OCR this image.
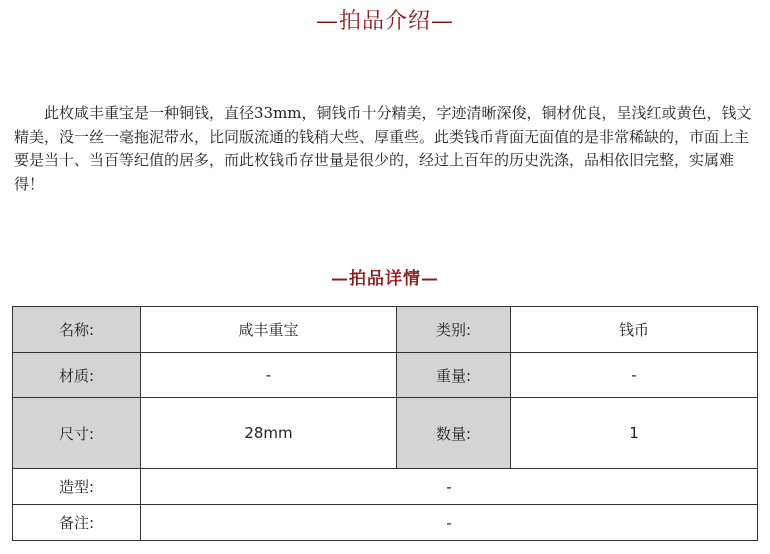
—拍品介绍—

此枚咸丰重宝是一种铜钱，直径33mm，铜钱币十分精美，字迹清晰深俊，铜材优良，呈浅红或黄色，钱文精美，没一丝一毫拖泥带水，比同版流通的钱稍大些、厚重些。此类钱币背面无面值的是非常稀缺的，市面上主要是当十、当百等纪值的居多，而此枚钱币存世量是很少的，经过上百年的历史洗涤，品相依旧完整，实属难得！

—拍品详情—
名称:	咸丰重宝	类别:	钱币
材质:	-	重量:	-
尺寸:	28mm	数量:	1
造型:	-		
备注:	-		
